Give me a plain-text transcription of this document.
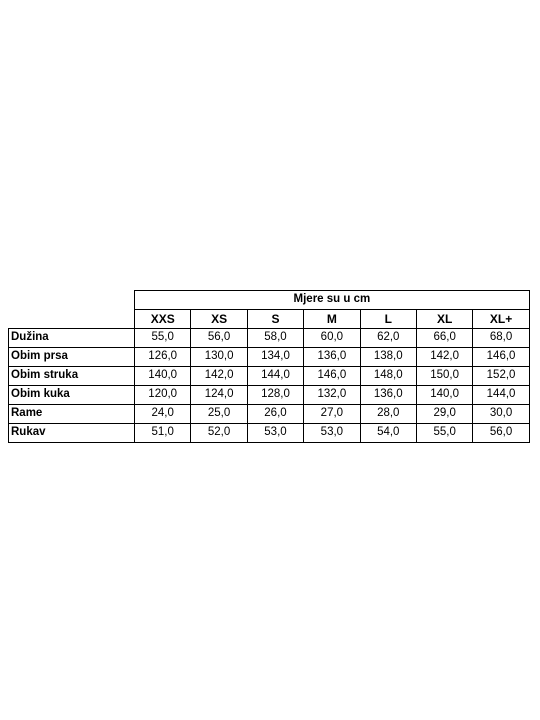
	Mjere su u cm						
	XXS	XS	S	M	L	XL	XL+
Dužina	55,0	56,0	58,0	60,0	62,0	66,0	68,0
Obim prsa	126,0	130,0	134,0	136,0	138,0	142,0	146,0
Obim struka	140,0	142,0	144,0	146,0	148,0	150,0	152,0
Obim kuka	120,0	124,0	128,0	132,0	136,0	140,0	144,0
Rame	24,0	25,0	26,0	27,0	28,0	29,0	30,0
Rukav	51,0	52,0	53,0	53,0	54,0	55,0	56,0
